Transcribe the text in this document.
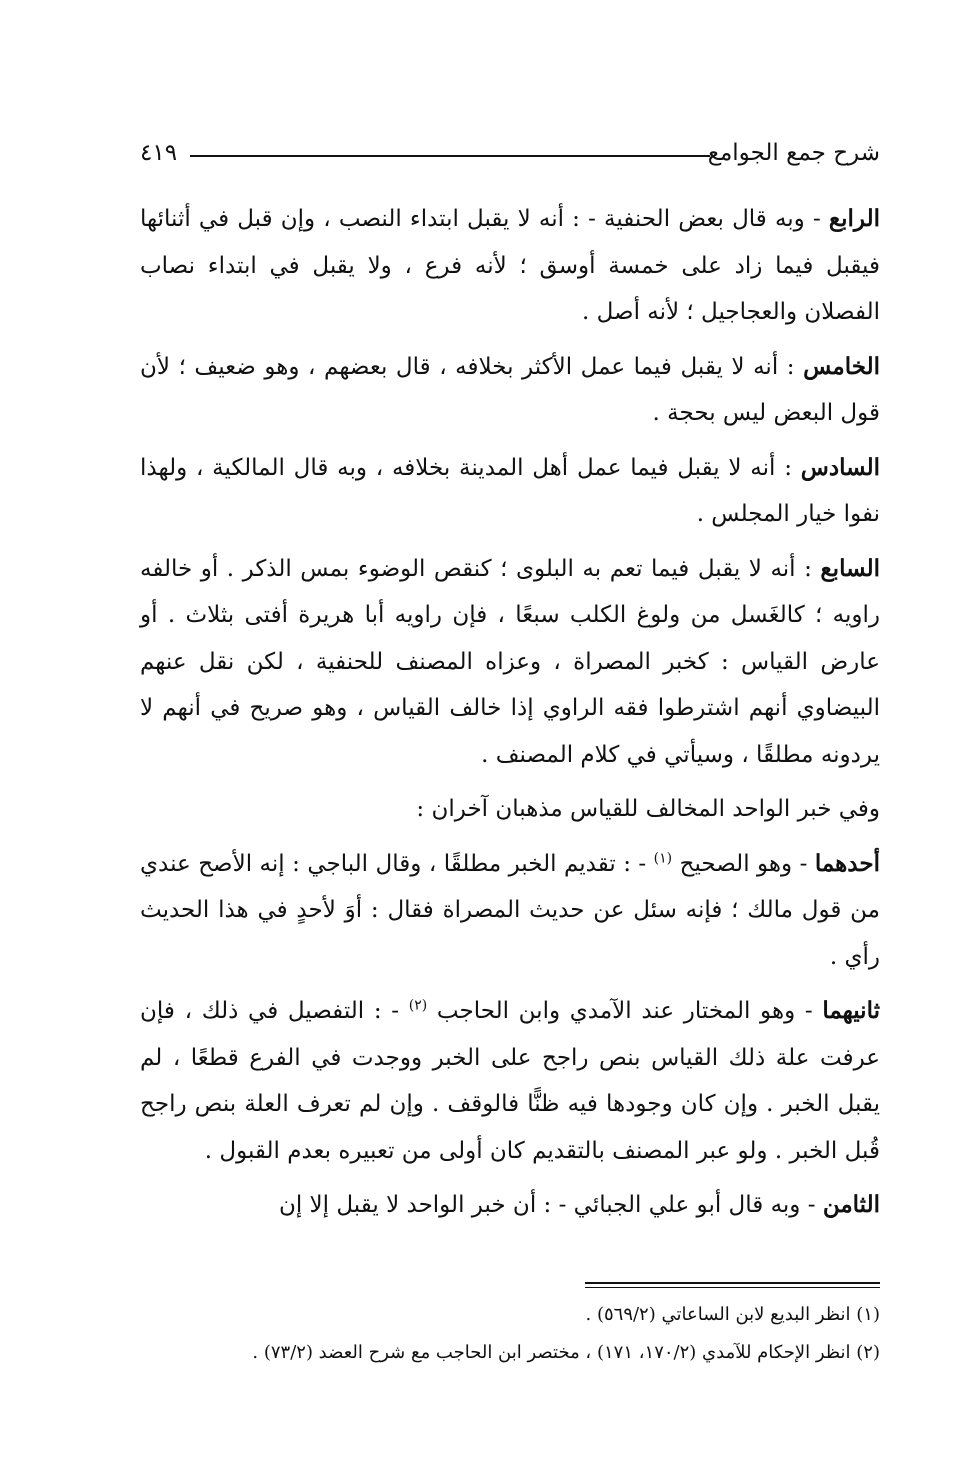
شرح جمع الجوامع
٤١٩

الرابع - وبه قال بعض الحنفية - : أنه لا يقبل ابتداء النصب ، وإن قبل في أثنائها فيقبل فيما زاد على خمسة أوسق ؛ لأنه فرع ، ولا يقبل في ابتداء نصاب الفصلان والعجاجيل ؛ لأنه أصل .

الخامس : أنه لا يقبل فيما عمل الأكثر بخلافه ، قال بعضهم ، وهو ضعيف ؛ لأن قول البعض ليس بحجة .

السادس : أنه لا يقبل فيما عمل أهل المدينة بخلافه ، وبه قال المالكية ، ولهذا نفوا خيار المجلس .

السابع : أنه لا يقبل فيما تعم به البلوى ؛ كنقص الوضوء بمس الذكر . أو خالفه راويه ؛ كالغَسل من ولوغ الكلب سبعًا ، فإن راويه أبا هريرة أفتى بثلاث . أو عارض القياس : كخبر المصراة ، وعزاه المصنف للحنفية ، لكن نقل عنهم البيضاوي أنهم اشترطوا فقه الراوي إذا خالف القياس ، وهو صريح في أنهم لا يردونه مطلقًا ، وسيأتي في كلام المصنف .

وفي خبر الواحد المخالف للقياس مذهبان آخران :

أحدهما - وهو الصحيح $^{(١)}$ - : تقديم الخبر مطلقًا ، وقال الباجي : إنه الأصح عندي من قول مالك ؛ فإنه سئل عن حديث المصراة فقال : أوَ لأحدٍ في هذا الحديث رأي .

ثانيهما - وهو المختار عند الآمدي وابن الحاجب $^{(٢)}$ - : التفصيل في ذلك ، فإن عرفت علة ذلك القياس بنص راجح على الخبر ووجدت في الفرع قطعًا ، لم يقبل الخبر . وإن كان وجودها فيه ظنًّا فالوقف . وإن لم تعرف العلة بنص راجح قُبل الخبر . ولو عبر المصنف بالتقديم كان أولى من تعبيره بعدم القبول .

الثامن - وبه قال أبو علي الجبائي - : أن خبر الواحد لا يقبل إلا إن

(١) انظر البديع لابن الساعاتي (٥٦٩/٢) .

(٢) انظر الإحكام للآمدي (١٧٠/٢، ١٧١) ، مختصر ابن الحاجب مع شرح العضد (٧٣/٢) .
